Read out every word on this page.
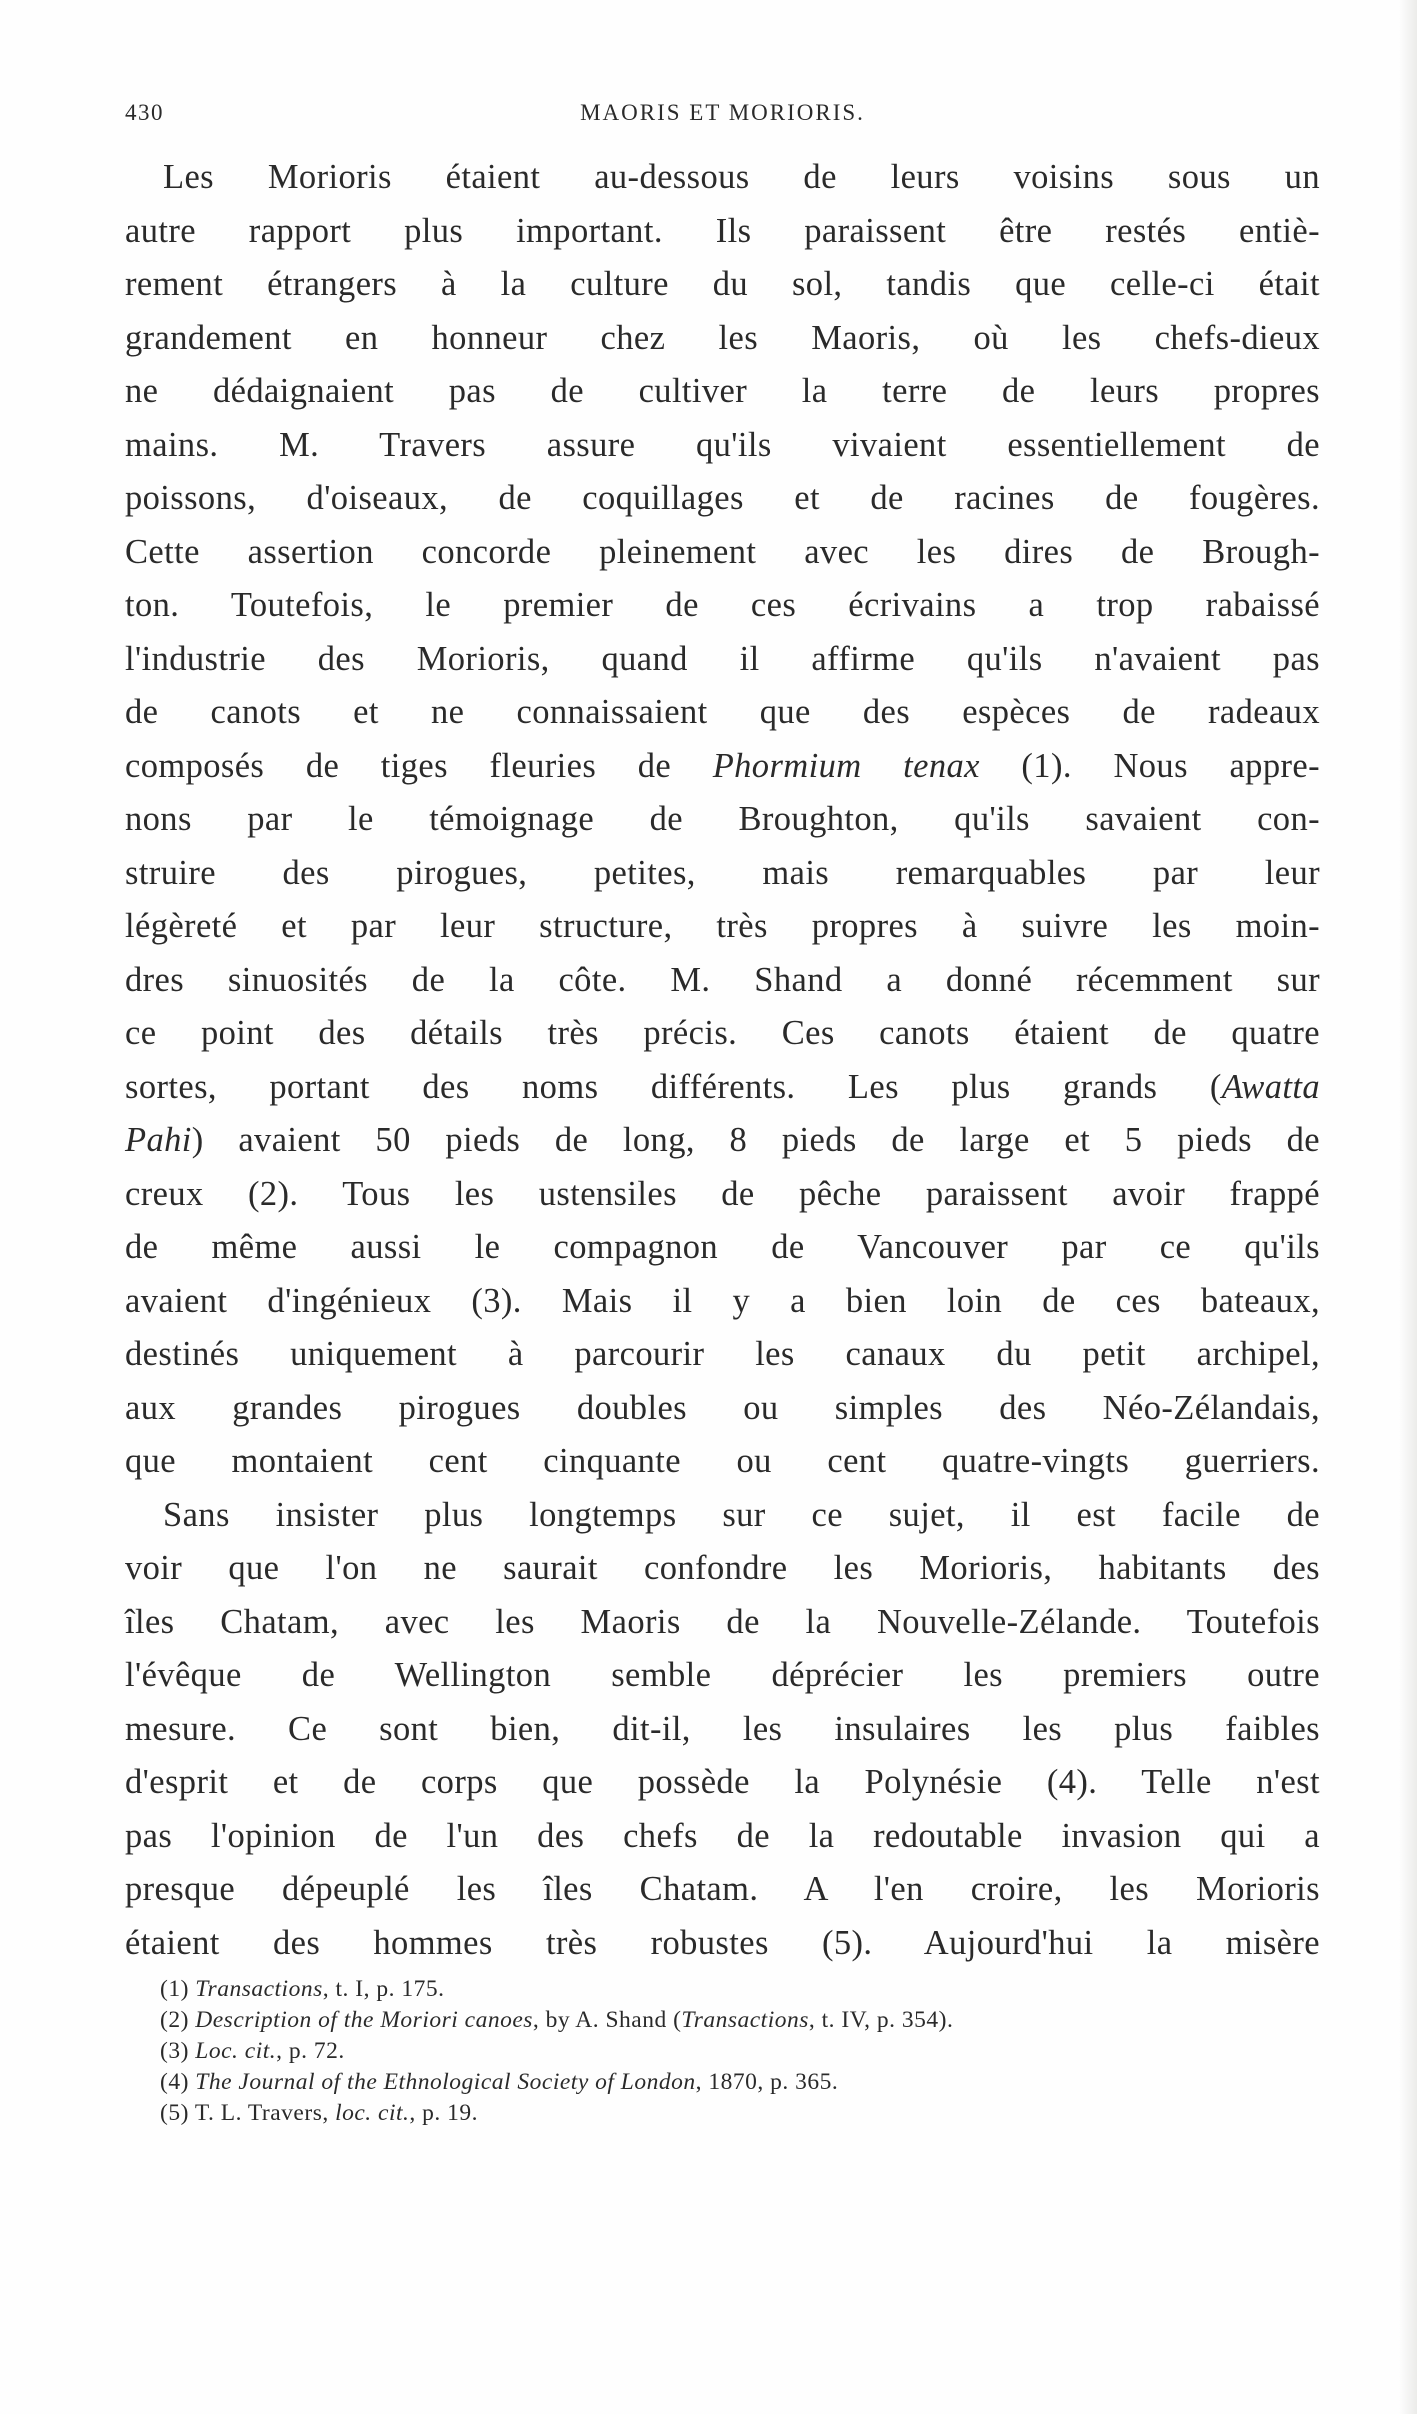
430	MAORIS ET MORIORIS.
Les Morioris étaient au-dessous de leurs voisins sous un
autre rapport plus important. Ils paraissent être restés entiè-
rement étrangers à la culture du sol, tandis que celle-ci était
grandement en honneur chez les Maoris, où les chefs-dieux
ne dédaignaient pas de cultiver la terre de leurs propres
mains. M. Travers assure qu'ils vivaient essentiellement de
poissons, d'oiseaux, de coquillages et de racines de fougères.
Cette assertion concorde pleinement avec les dires de Brough-
ton. Toutefois, le premier de ces écrivains a trop rabaissé
l'industrie des Morioris, quand il affirme qu'ils n'avaient pas
de canots et ne connaissaient que des espèces de radeaux
composés de tiges fleuries de Phormium tenax (1). Nous appre-
nons par le témoignage de Broughton, qu'ils savaient con-
struire des pirogues, petites, mais remarquables par leur
légèreté et par leur structure, très propres à suivre les moin-
dres sinuosités de la côte. M. Shand a donné récemment sur
ce point des détails très précis. Ces canots étaient de quatre
sortes, portant des noms différents. Les plus grands (Awatta
Pahi) avaient 50 pieds de long, 8 pieds de large et 5 pieds de
creux (2). Tous les ustensiles de pêche paraissent avoir frappé
de même aussi le compagnon de Vancouver par ce qu'ils
avaient d'ingénieux (3). Mais il y a bien loin de ces bateaux,
destinés uniquement à parcourir les canaux du petit archipel,
aux grandes pirogues doubles ou simples des Néo-Zélandais,
que montaient cent cinquante ou cent quatre-vingts guerriers.
Sans insister plus longtemps sur ce sujet, il est facile de
voir que l'on ne saurait confondre les Morioris, habitants des
îles Chatam, avec les Maoris de la Nouvelle-Zélande. Toutefois
l'évêque de Wellington semble déprécier les premiers outre
mesure. Ce sont bien, dit-il, les insulaires les plus faibles
d'esprit et de corps que possède la Polynésie (4). Telle n'est
pas l'opinion de l'un des chefs de la redoutable invasion qui a
presque dépeuplé les îles Chatam. A l'en croire, les Morioris
étaient des hommes très robustes (5). Aujourd'hui la misère
(1) Transactions, t. I, p. 175.
(2) Description of the Moriori canoes, by A. Shand (Transactions, t. IV, p. 354).
(3) Loc. cit., p. 72.
(4) The Journal of the Ethnological Society of London, 1870, p. 365.
(5) T. L. Travers, loc. cit., p. 19.
